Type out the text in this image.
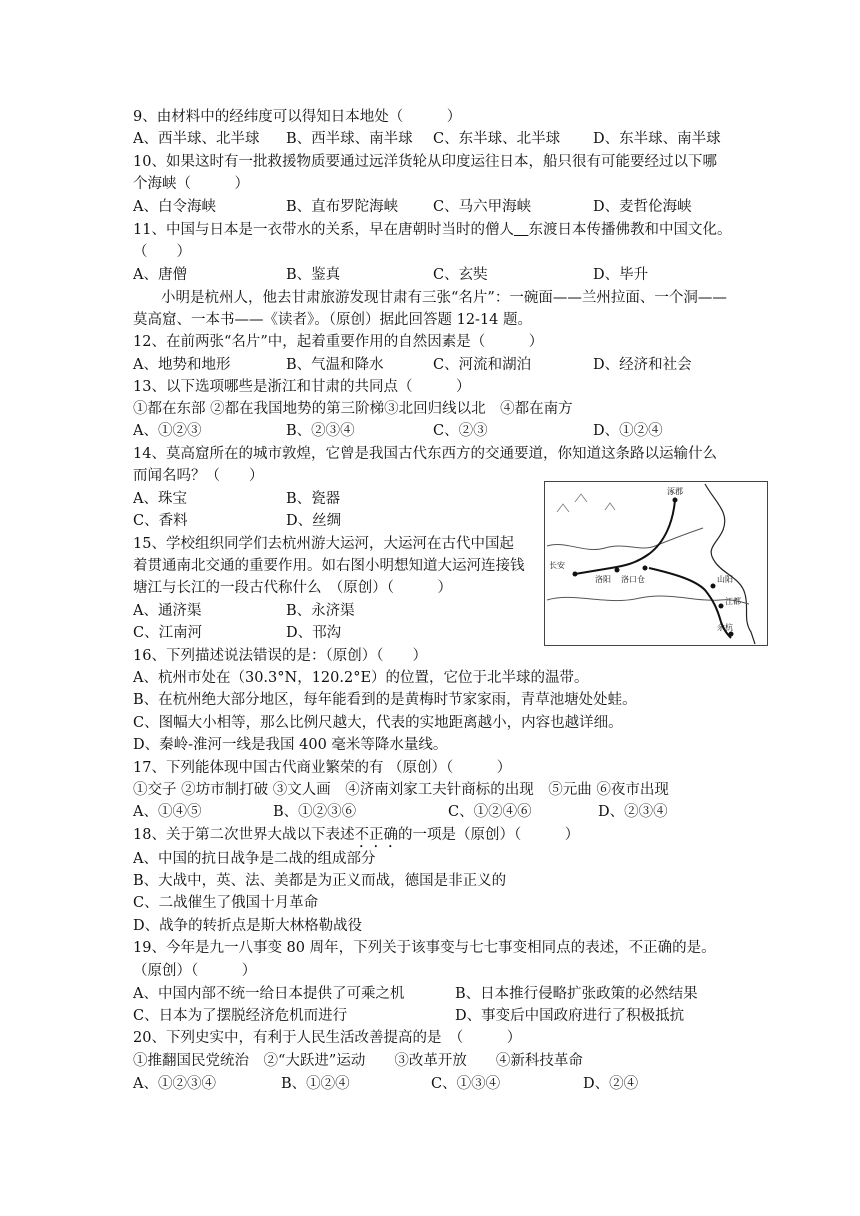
9、由材料中的经纬度可以得知日本地处（　　　）
A、西半球、北半球 B、西半球、南半球 C、东半球、北半球 D、东半球、南半球
10、如果这时有一批救援物质要通过远洋货轮从印度运往日本，船只很有可能要经过以下哪
个海峡（　　　）
A、白令海峡	B、直布罗陀海峡 C、马六甲海峡	D、麦哲伦海峡
11、中国与日本是一衣带水的关系，早在唐朝时当时的僧人　 东渡日本传播佛教和中国文化。
（　　）
A、唐僧	B、鉴真	C、玄奘	D、毕升
小明是杭州人，他去甘肃旅游发现甘肃有三张“名片”：一碗面——兰州拉面、一个洞——
莫高窟、一本书——《读者》。（原创）据此回答题 12-14 题。
12、在前两张“名片”中，起着重要作用的自然因素是（　　　）
A、地势和地形	B、气温和降水	C、河流和湖泊	D、经济和社会
13、以下选项哪些是浙江和甘肃的共同点（　　　）
①都在东部 ②都在我国地势的第三阶梯③北回归线以北　④都在南方
A、①②③	B、②③④	C、②③	D、①②④
14、莫高窟所在的城市敦煌，它曾是我国古代东西方的交通要道，你知道这条路以运输什么
而闻名吗？（　　）
A、珠宝	B、瓷器
C、香料	D、丝绸
15、学校组织同学们去杭州游大运河，大运河在古代中国起
着贯通南北交通的重要作用。如右图小明想知道大运河连接钱
塘江与长江的一段古代称什么　（原创）（　　　）
A、通济渠	B、永济渠
C、江南河	D、邗沟
涿郡
长安
洛阳 洛口仓	山阳
江都
余杭
16、下列描述说法错误的是：（原创）（　　）
A、杭州市处在（30.3°N，120.2°E）的位置，它位于北半球的温带。
B、在杭州绝大部分地区，每年能看到的是黄梅时节家家雨，青草池塘处处蛙。
C、图幅大小相等，那么比例尺越大，代表的实地距离越小，内容也越详细。
D、秦岭-淮河一线是我国 400 毫米等降水量线。
17、下列能体现中国古代商业繁荣的有 （原创）（　　　）
①交子 ②坊市制打破 ③文人画　④济南刘家工夫针商标的出现　⑤元曲 ⑥夜市出现
A、①④⑤	B、①②③⑥	C、①②④⑥	D、②③④
18、关于第二次世界大战以下表述不正确的一项是（原创）（　　　）
A、中国的抗日战争是二战的组成部分
B、大战中，英、法、美都是为正义而战，德国是非正义的
C、二战催生了俄国十月革命
D、战争的转折点是斯大林格勒战役
19、今年是九一八事变 80 周年，下列关于该事变与七七事变相同点的表述，不正确的是。
（原创）（　　　）
A、中国内部不统一给日本提供了可乘之机	B、日本推行侵略扩张政策的必然结果
C、日本为了摆脱经济危机而进行	D、事变后中国政府进行了积极抵抗
20、下列史实中，有利于人民生活改善提高的是　（　　　）
①推翻国民党统治　②“大跃进”运动　　③改革开放　　④新科技革命
A、①②③④	B、①②④	C、①③④	D、②④
